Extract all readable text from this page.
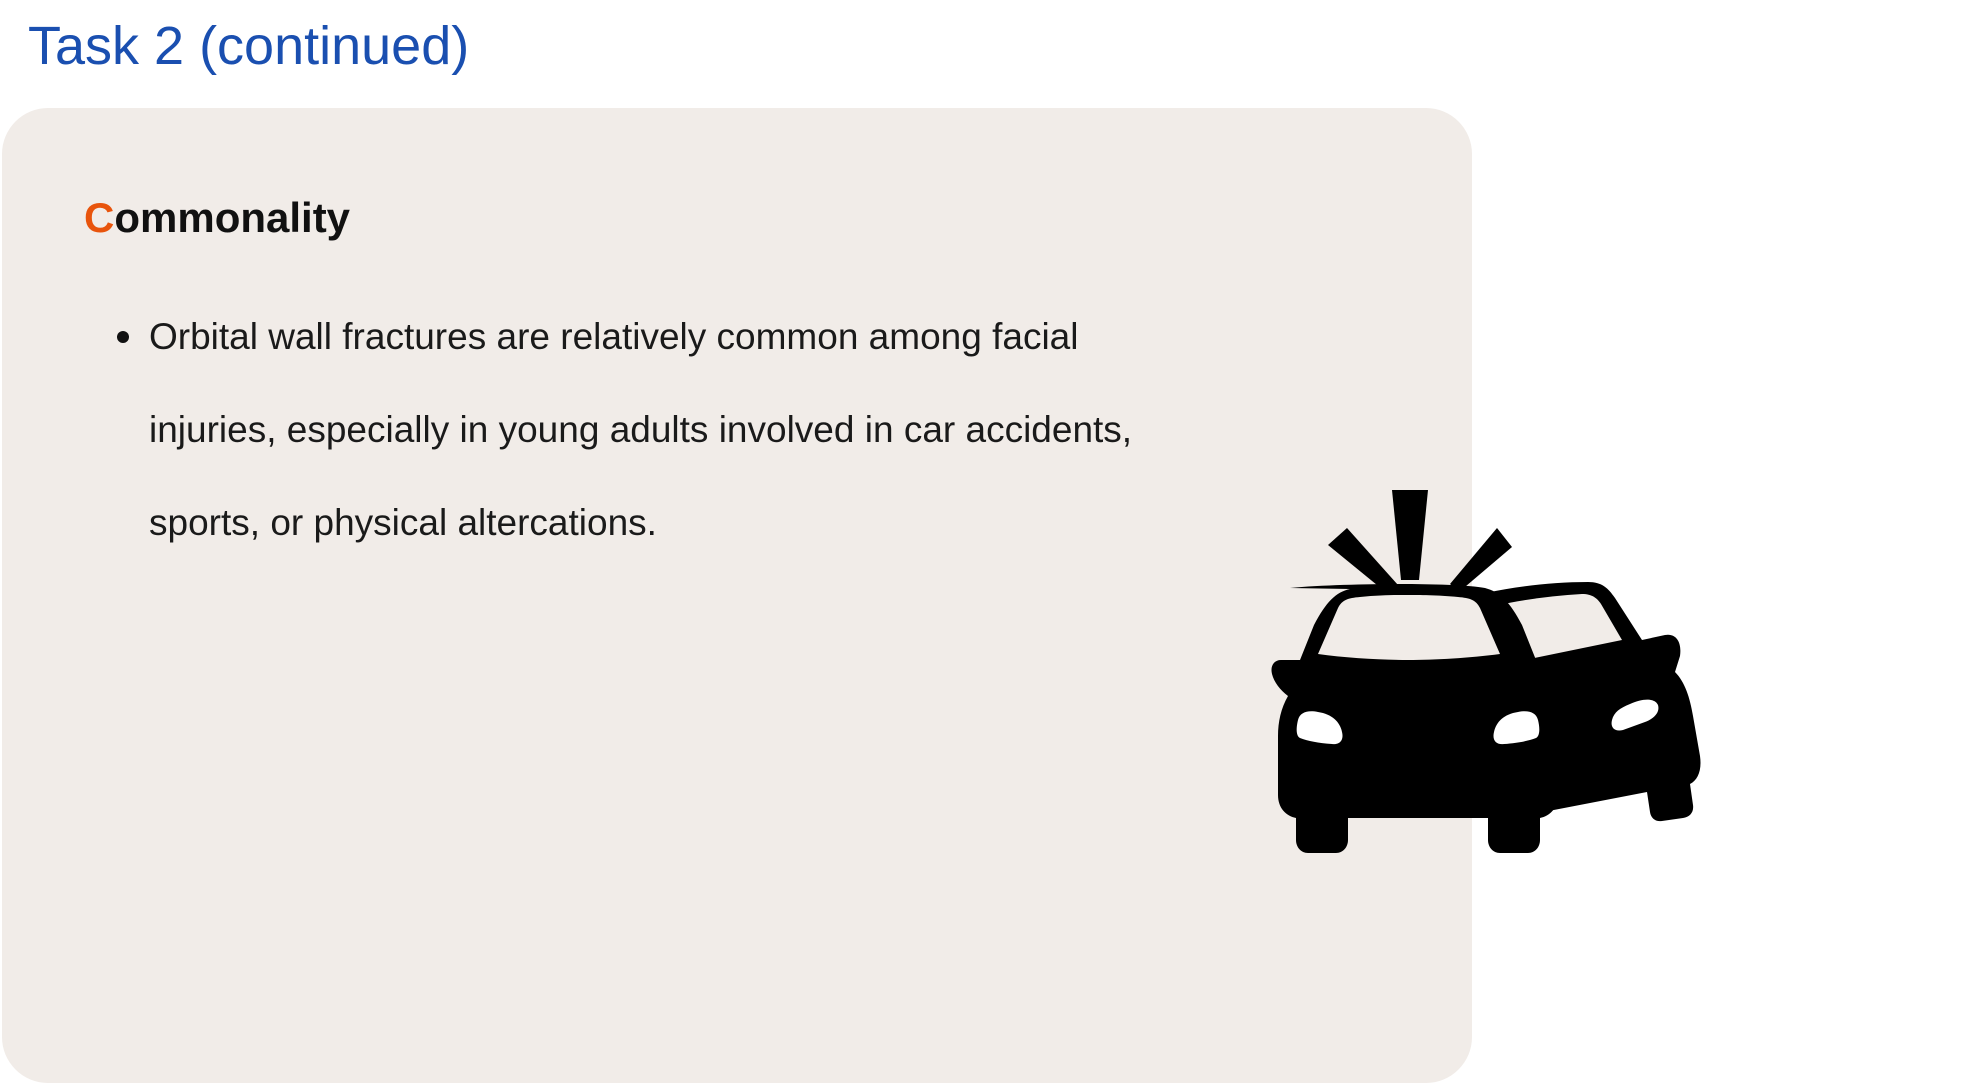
Task 2 (continued)
Commonality
Orbital wall fractures are relatively common among facial injuries, especially in young adults involved in car accidents, sports, or physical altercations.
